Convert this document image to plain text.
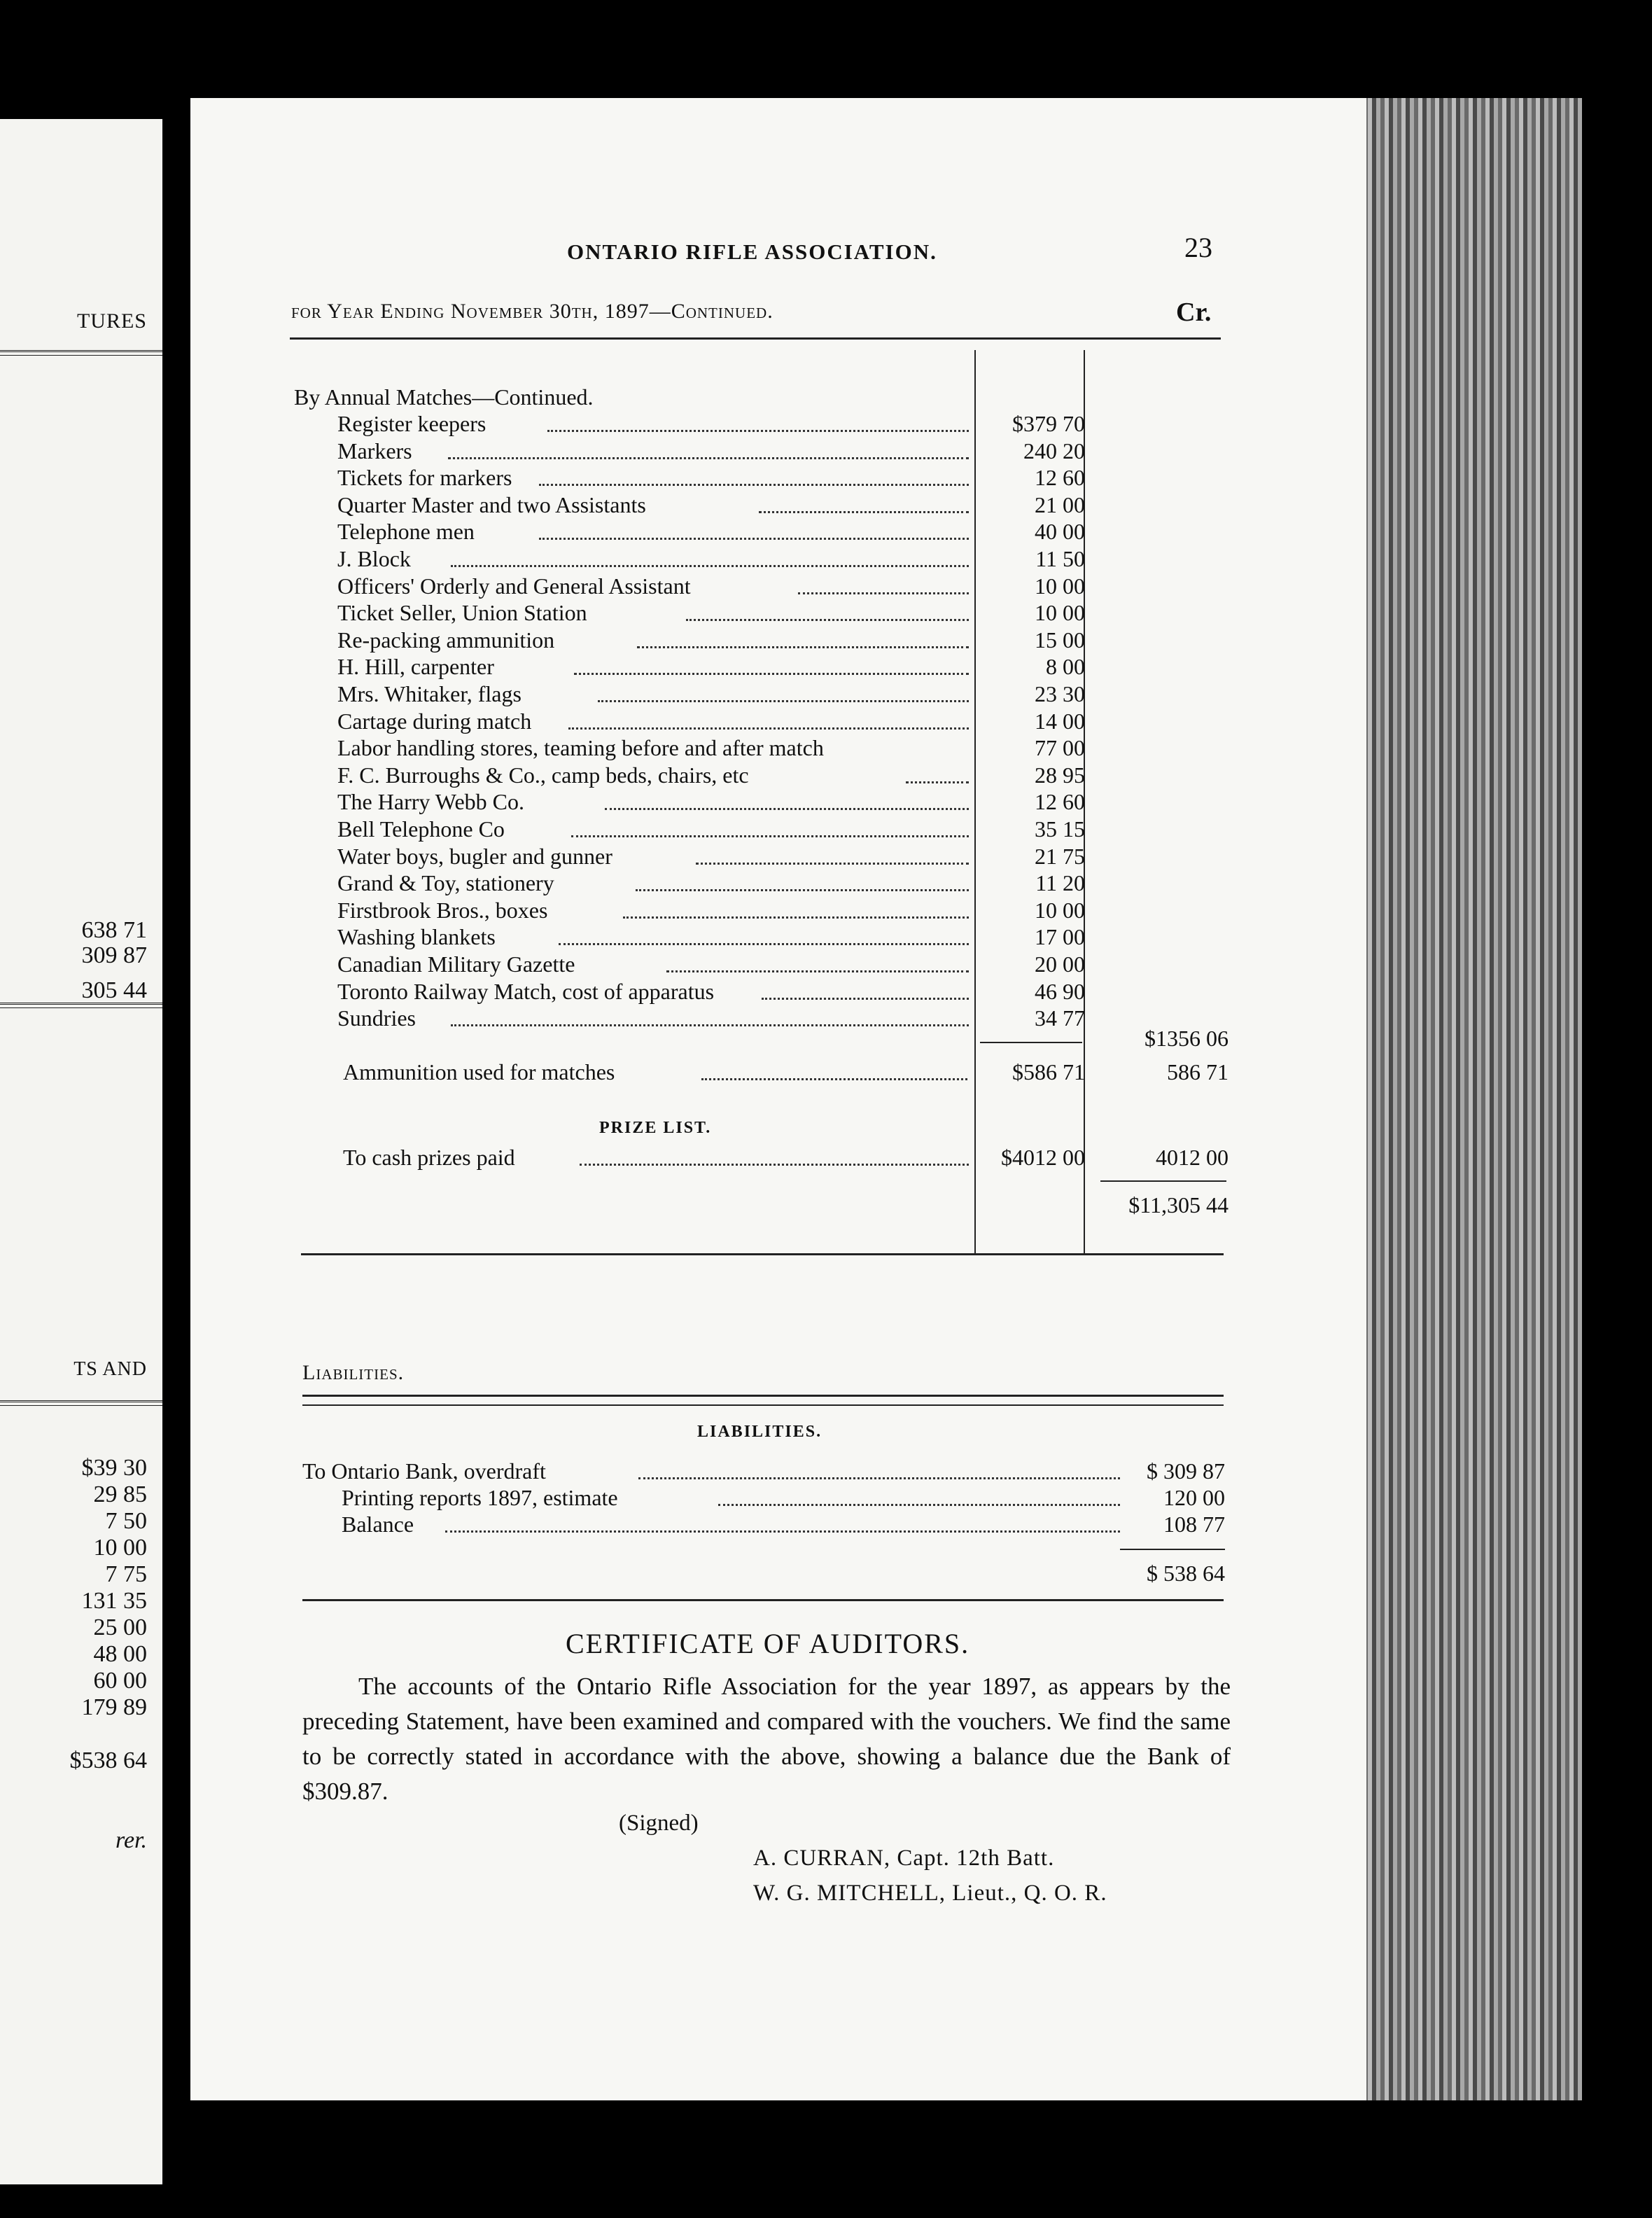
TURES
638 71
309 87
305 44
TS AND
$39 30
29 85
7 50
10 00
7 75
131 35
25 00
48 00
60 00
179 89
$538 64
rer.
ONTARIO RIFLE ASSOCIATION.	23
for Year Ending November 30th, 1897—Continued.	Cr.
By Annual Matches—Continued.
Register keepers	$379 70
Markers	240 20
Tickets for markers	12 60
Quarter Master and two Assistants	21 00
Telephone men	40 00
J. Block	11 50
Officers' Orderly and General Assistant	10 00
Ticket Seller, Union Station	10 00
Re-packing ammunition	15 00
H. Hill, carpenter	8 00
Mrs. Whitaker, flags	23 30
Cartage during match	14 00
Labor handling stores, teaming before and after match	77 00
F. C. Burroughs & Co., camp beds, chairs, etc	28 95
The Harry Webb Co.	12 60
Bell Telephone Co	35 15
Water boys, bugler and gunner	21 75
Grand & Toy, stationery	11 20
Firstbrook Bros., boxes	10 00
Washing blankets	17 00
Canadian Military Gazette	20 00
Toronto Railway Match, cost of apparatus	46 90
Sundries	34 77
$1356 06
Ammunition used for matches	$586 71	586 71
PRIZE LIST.
To cash prizes paid	$4012 00	4012 00
$11,305 44
Liabilities.
LIABILITIES.
To Ontario Bank, overdraft	$ 309 87
Printing reports 1897, estimate	120 00
Balance	108 77
$ 538 64
CERTIFICATE OF AUDITORS.
The accounts of the Ontario Rifle Association for the year 1897, as appears by the preceding Statement, have been examined and compared with the vouchers. We find the same to be correctly stated in accordance with the above, showing a balance due the Bank of $309.87.
(Signed)
A. CURRAN, Capt. 12th Batt.
W. G. MITCHELL, Lieut., Q. O. R.
